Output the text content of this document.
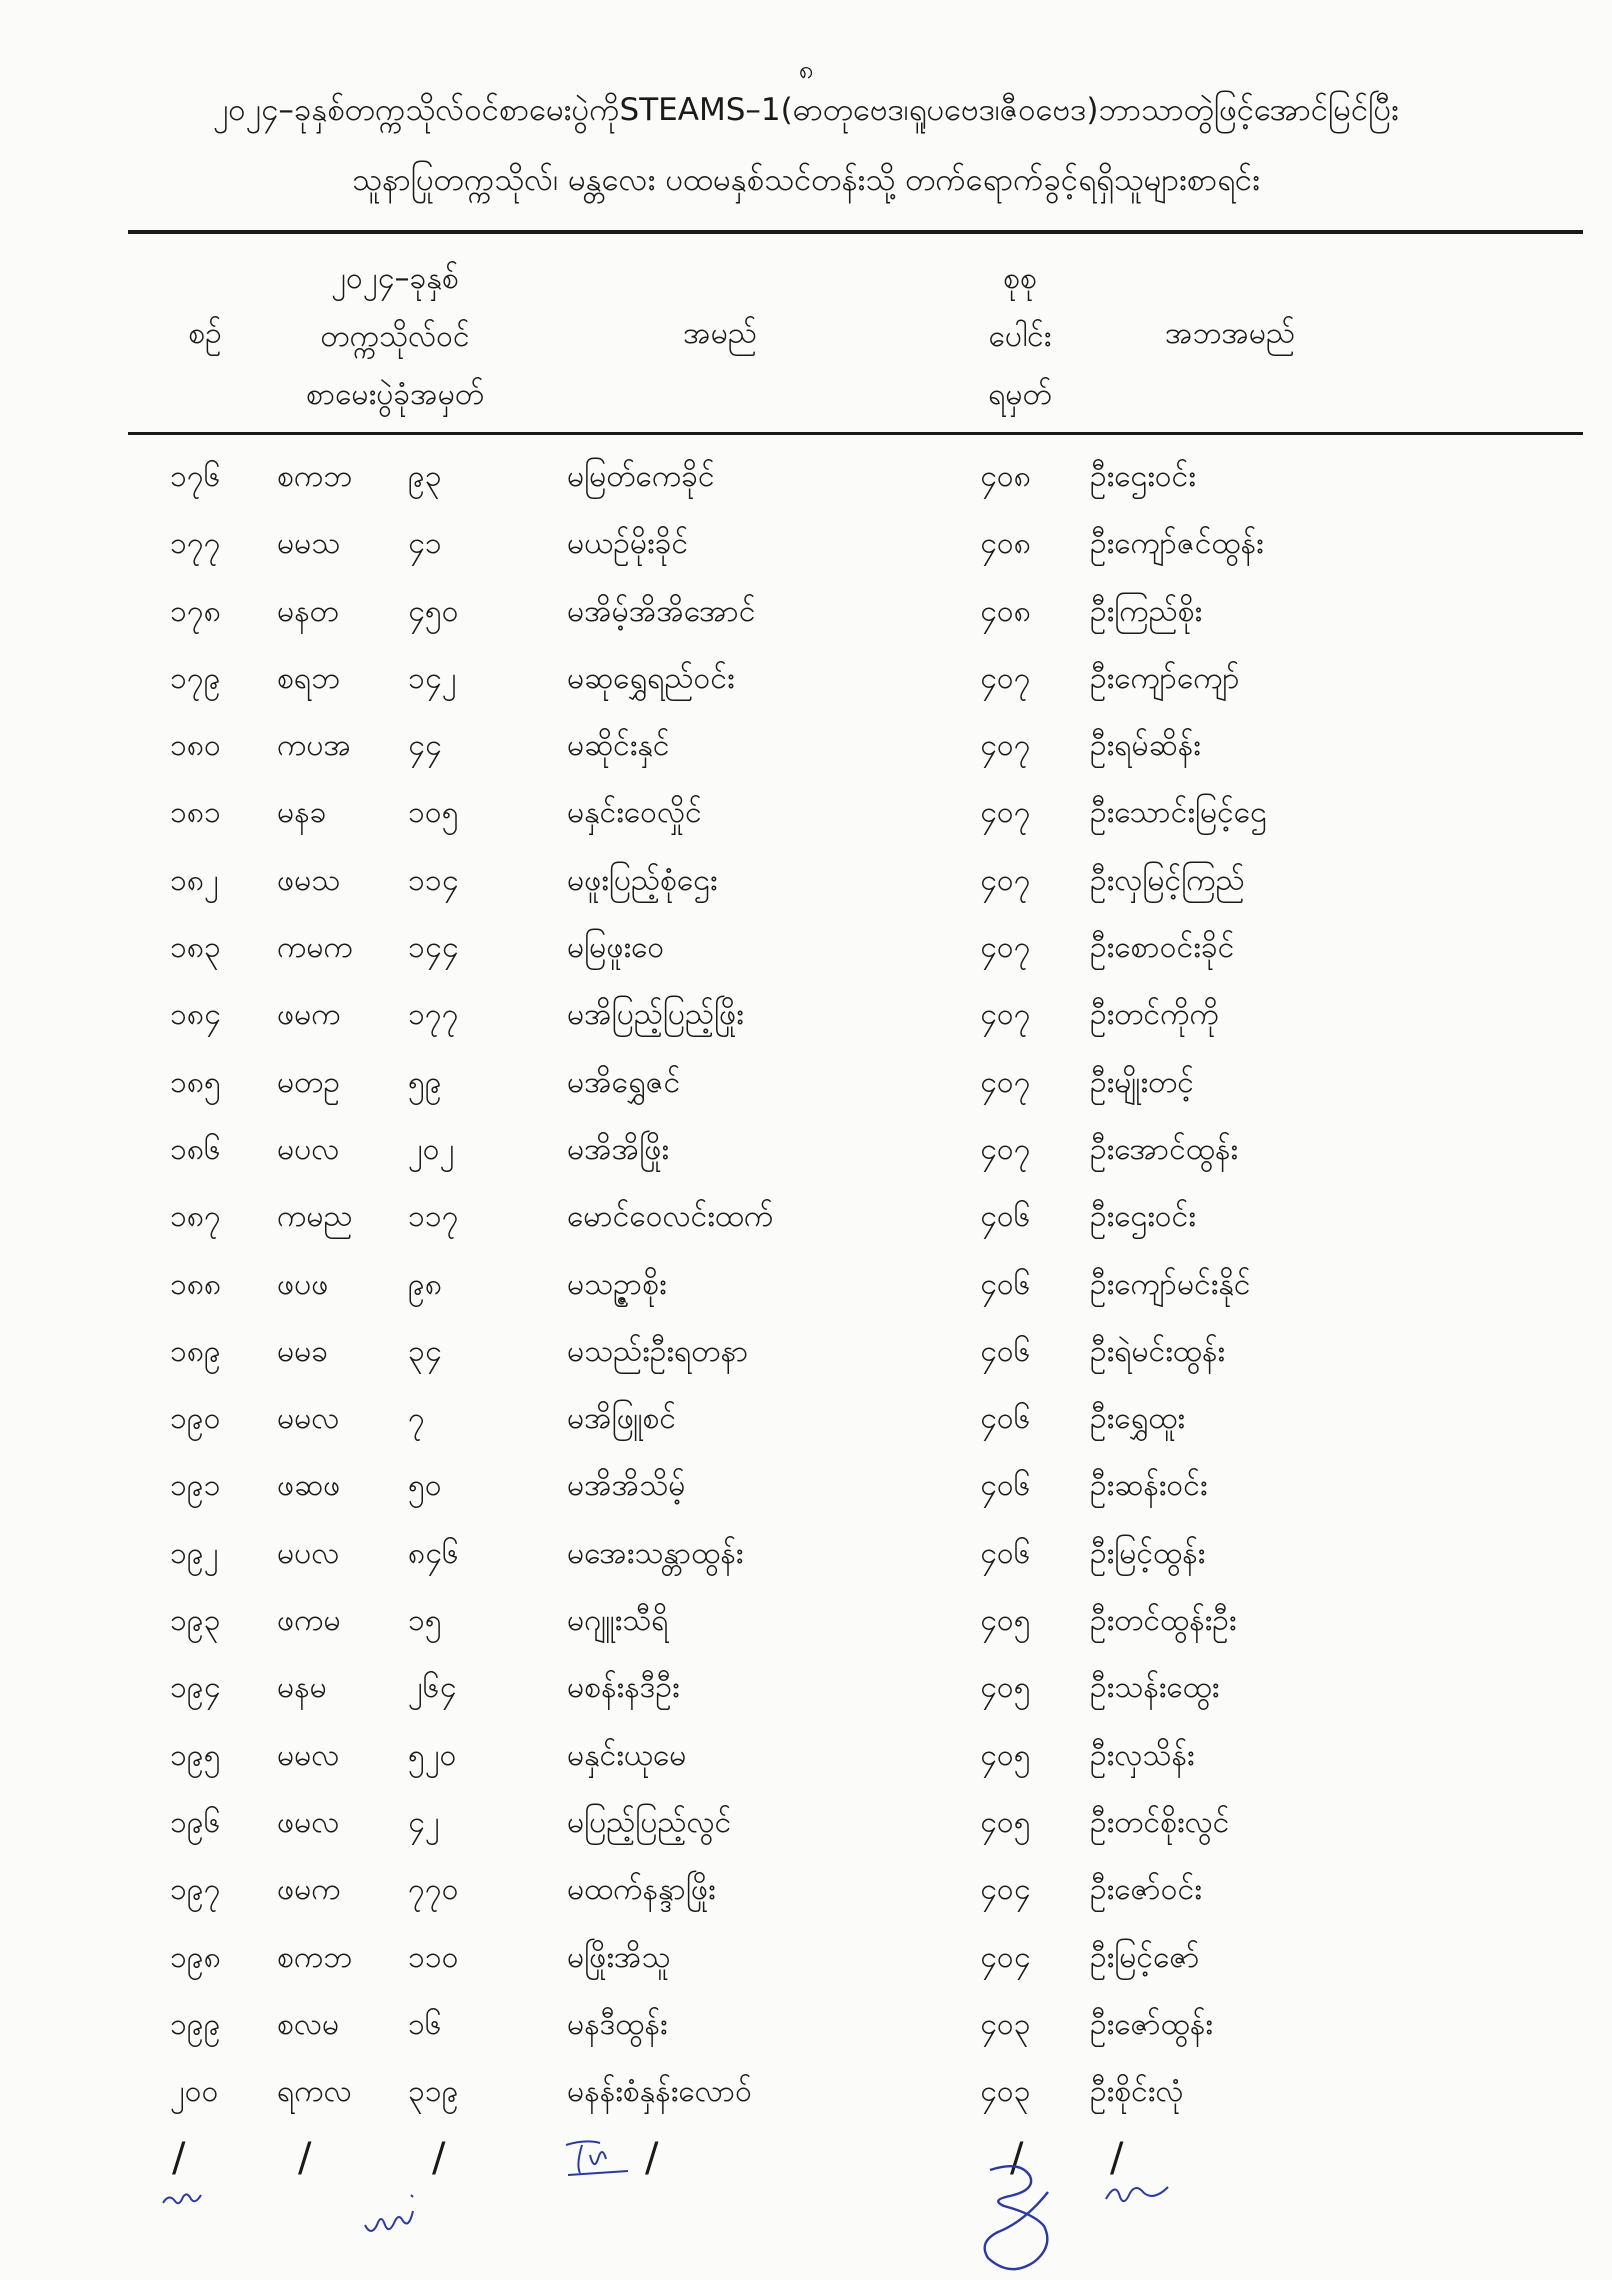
၈
၂၀၂၄–ခုနှစ်တက္ကသိုလ်ဝင်စာမေးပွဲကိုSTEAMS–1(ဓာတုဗေဒ၊ရူပဗေဒ၊ဇီဝဗေဒ)ဘာသာတွဲဖြင့်အောင်မြင်ပြီး
သူနာပြုတက္ကသိုလ်၊ မန္တလေး ပထမနှစ်သင်တန်းသို့ တက်ရောက်ခွင့်ရရှိသူများစာရင်း
စဉ်
၂၀၂၄–ခုနှစ်
တက္ကသိုလ်ဝင်
စာမေးပွဲခုံအမှတ်
အမည်
စုစု
ပေါင်း
ရမှတ်
အဘအမည်
၁၇၆ စကဘ ၉၃	မမြတ်ကေခိုင်	၄၀၈ ဦးဌေးဝင်း
၁၇၇ မမသ ၄၁	မယဉ်မိုးခိုင်	၄၀၈ ဦးကျော်ဇင်ထွန်း
၁၇၈ မနတ ၄၅၀	မအိမ့်အိအိအောင်	၄၀၈ ဦးကြည်စိုး
၁၇၉ စရဘ ၁၄၂	မဆုရွှေရည်ဝင်း	၄၀၇ ဦးကျော်ကျော်
၁၈၀ ကပအ ၄၄	မဆိုင်းနှင်	၄၀၇ ဦးရမ်ဆိန်း
၁၈၁ မနခ	၁၀၅	မနှင်းဝေလှိုင်	၄၀၇ ဦးသောင်းမြင့်ဌေ
၁၈၂ ဖမသ ၁၁၄	မဖူးပြည့်စုံဌေး	၄၀၇ ဦးလှမြင့်ကြည်
၁၈၃ ကမက ၁၄၄	မမြဖူးဝေ	၄၀၇ ဦးစောဝင်းခိုင်
၁၈၄ ဖမက ၁၇၇	မအိပြည့်ပြည့်ဖြိုး	၄၀၇ ဦးတင်ကိုကို
၁၈၅ မတဥ ၅၉	မအိရွှေဇင်	၄၀၇ ဦးမျိုးတင့်
၁၈၆ မပလ ၂၀၂	မအိအိဖြိုး	၄၀၇ ဦးအောင်ထွန်း
၁၈၇ ကမည ၁၁၇	မောင်ဝေလင်းထက်	၄၀၆ ဦးဌေးဝင်း
၁၈၈ ဖပဖ	၉၈	မသဥ္ဇာစိုး	၄၀၆ ဦးကျော်မင်းနိုင်
၁၈၉ မမခ	၃၄	မသည်းဦးရတနာ	၄၀၆ ဦးရဲမင်းထွန်း
၁၉၀ မမလ ၇	မအိဖြူစင်	၄၀၆ ဦးရွှေထူး
၁၉၁ ဖဆဖ ၅၀	မအိအိသိမ့်	၄၀၆ ဦးဆန်းဝင်း
၁၉၂ မပလ ၈၄၆	မအေးသန္တာထွန်း	၄၀၆ ဦးမြင့်ထွန်း
၁၉၃ ဖကမ ၁၅	မဂျူးသီရိ	၄၀၅ ဦးတင်ထွန်းဦး
၁၉၄ မနမ	၂၆၄	မစန်းနဒီဦး	၄၀၅ ဦးသန်းထွေး
၁၉၅ မမလ ၅၂၀	မနှင်းယုမေ	၄၀၅ ဦးလှသိန်း
၁၉၆ ဖမလ ၄၂	မပြည့်ပြည့်လွင်	၄၀၅ ဦးတင်စိုးလွင်
၁၉၇ ဖမက ၇၇၀	မထက်နန္ဒာဖြိုး	၄၀၄ ဦးဇော်ဝင်း
၁၉၈ စကဘ ၁၁၀	မဖြိုးအိသူ	၄၀၄ ဦးမြင့်ဇော်
၁၉၉ စလမ ၁၆	မနဒီထွန်း	၄၀၃ ဦးဇော်ထွန်း
၂၀၀ ရကလ ၃၁၉	မနန်းစံနှန်းလောဝ်	၄၀၃ ဦးစိုင်းလုံ
/	/	/	/	/ /
